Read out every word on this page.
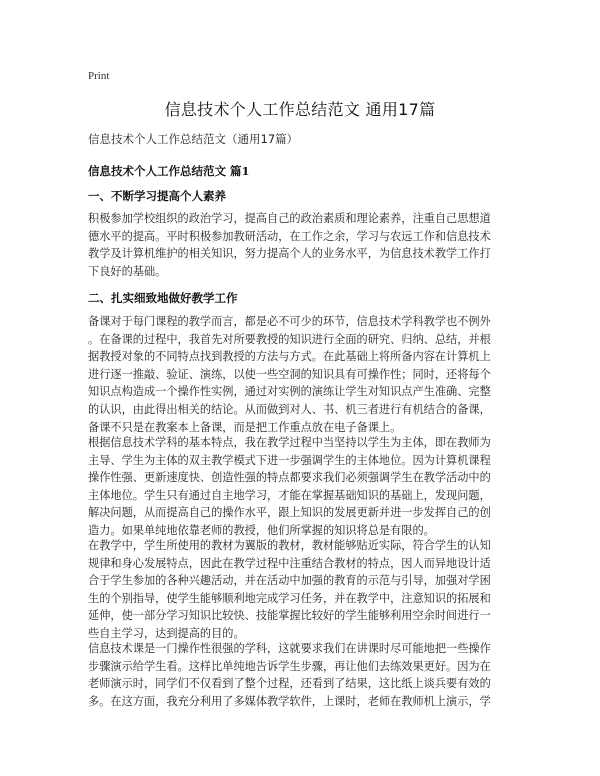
Print
信息技术个人工作总结范文 通用17篇
信息技术个人工作总结范文（通用17篇）
信息技术个人工作总结范文 篇1
一、不断学习提高个人素养
积极参加学校组织的政治学习，提高自己的政治素质和理论素养，注重自己思想道
德水平的提高。平时积极参加教研活动，在工作之余，学习与农远工作和信息技术
教学及计算机维护的相关知识，努力提高个人的业务水平，为信息技术教学工作打
下良好的基础。
二、扎实细致地做好教学工作
备课对于每门课程的教学而言，都是必不可少的环节，信息技术学科教学也不例外
。在备课的过程中，我首先对所要教授的知识进行全面的研究、归纳、总结，并根
据教授对象的不同特点找到教授的方法与方式。在此基础上将所备内容在计算机上
进行逐一推敲、验证、演练，以使一些空洞的知识具有可操作性；同时，还将每个
知识点构造成一个操作性实例，通过对实例的演练让学生对知识点产生准确、完整
的认识，由此得出相关的结论。从而做到对人、书、机三者进行有机结合的备课，
备课不只是在教案本上备课，而是把工作重点放在电子备课上。
根据信息技术学科的基本特点，我在教学过程中当坚持以学生为主体，即在教师为
主导、学生为主体的双主教学模式下进一步强调学生的主体地位。因为计算机课程
操作性强、更新速度快、创造性强的特点都要求我们必须强调学生在教学活动中的
主体地位。学生只有通过自主地学习，才能在掌握基础知识的基础上，发现问题，
解决问题，从而提高自己的操作水平，跟上知识的发展更新并进一步发挥自己的创
造力。如果单纯地依靠老师的教授，他们所掌握的知识将总是有限的。
在教学中，学生所使用的教材为翼版的教材，教材能够贴近实际，符合学生的认知
规律和身心发展特点，因此在教学过程中注重结合教材的特点，因人而异地设计适
合于学生参加的各种兴趣活动，并在活动中加强的教育的示范与引导，加强对学困
生的个别指导，使学生能够顺利地完成学习任务，并在教学中，注意知识的拓展和
延伸，使一部分学习知识比较快、技能掌握比较好的学生能够利用空余时间进行一
些自主学习，达到提高的目的。
信息技术课是一门操作性很强的学科，这就要求我们在讲课时尽可能地把一些操作
步骤演示给学生看。这样比单纯地告诉学生步骤，再让他们去练效果更好。因为在
老师演示时，同学们不仅看到了整个过程，还看到了结果，这比纸上谈兵要有效的
多。在这方面，我充分利用了多媒体教学软件，上课时，老师在教师机上演示，学
